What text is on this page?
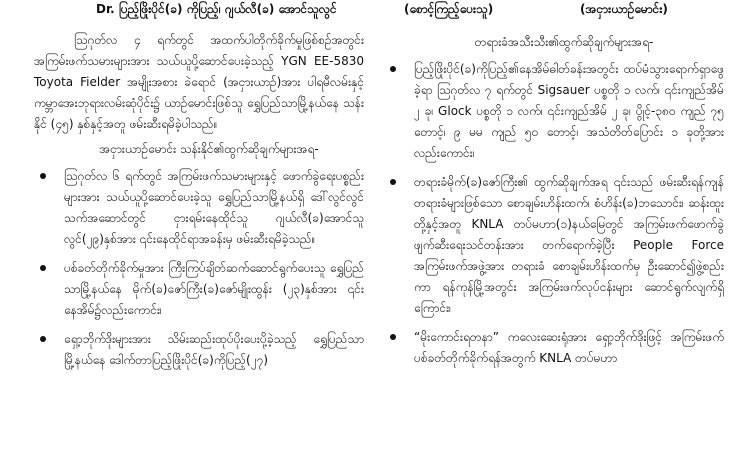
Dr. ပြည့်ဖြိုးပိုင်(ခ) ကိုပြည့်၊ ဂျယ်လီ(ခ) အောင်သူလွင်	(စောင့်ကြည့်ပေးသူ)	(အငှားယာဉ်မောင်း)

ဩဂုတ်လ ၄ ရက်တွင် အထက်ပါတိုက်ခိုက်မှုဖြစ်စဉ်အတွင်း အကြမ်းဖက်သမားများအား သယ်ယူပို့ဆောင်ပေးခဲ့သည့် YGN EE-5830 Toyota Fielder အမျိုးအစား ခဲရောင် (အငှားယာဉ်)အား ပါရမီလမ်းနှင့် ကမ္ဘာအေးဘုရားလမ်းဆုံပိုင်း၌ ယာဉ်မောင်းဖြစ်သူ ရွှေပြည်သာမြို့နယ်နေ သန်းနိုင် (၄၅) နှစ်နှင့်အတူ ဖမ်းဆီးရမိခဲ့ပါသည်။

အငှားယာဉ်မောင်း သန်းနိုင်၏ထွက်ဆိုချက်များအရ-

ဩဂုတ်လ ၆ ရက်တွင် အကြမ်းဖက်သမားများနှင့် ဖောက်ခွဲရေးပစ္စည်းများအား သယ်ယူပို့ဆောင်ပေးခဲ့သူ ရွှေပြည်သာမြို့နယ်ရှိ ဒေါ်လွင်လွင်သက်အဆောင်တွင် ငှားရမ်းနေထိုင်သူ ဂျယ်လီ(ခ)အောင်သူလွင်(၂၉)နှစ်အား ၎င်းနေထိုင်ရာအခန်းမှ ဖမ်းဆီးရမိခဲ့သည်။
ပစ်ခတ်တိုက်ခိုက်မှုအား ကြီးကြပ်ချိတ်ဆက်ဆောင်ရွက်ပေးသူ ရွှေပြည်သာမြို့နယ်နေ မိုက်(ခ)ဇော်ကြီး(ခ)ဇော်မျိုးထွန်း (၂၃)နှစ်အား ၎င်းနေအိမ်၌လည်းကောင်း၊
ရှော့ဘိုက်ဒိုးများအား သိမ်းဆည်းထုပ်ပိုးပေးပို့ခဲ့သည့် ရွှေပြည်သာမြို့နယ်နေ ဒေါက်တာပြည့်ဖြိုးပိုင်(ခ)ကိုပြည့်(၂၇)

တရားခံအသီးသီး၏ထွက်ဆိုချက်များအရ-

ပြည့်ဖြိုးပိုင်(ခ)ကိုပြည့်၏နေအိမ်ဓါတ်ခန်းအတွင်း ထပ်မံသွားရောက်ရှာဖွေခဲ့ရာ ဩဂုတ်လ ၇ ရက်တွင် Sigsauer ပစ္စတို ၁ လက်၊ ၎င်းကျည်အိမ် ၂ ခု၊ Glock ပစ္စတို ၁ လက်၊ ၎င်းကျည်အိမ် ၂ ခု၊ ပွိုင့်-၃၈၀ ကျည် ၇၅ တောင့်၊ ၉ မမ ကျည် ၅၀ တောင့်၊ အသံတိတ်ပြောင်း ၁ ခုတို့အားလည်းကောင်း၊
တရားခံမိုက်(ခ)ဇော်ကြီး၏ ထွက်ဆိုချက်အရ ၎င်းသည် ဖမ်းဆီးရန်ကျန် တရားခံများဖြစ်သော စောချမ်းဟိန်းထက်၊ စံဟိန်း(ခ)ဘသောင်း၊ ဆန်းထူးတို့နှင့်အတူ KNLA တပ်မဟာ(၁)နယ်မြေတွင် အကြမ်းဖက်ဖောက်ခွဲဖျက်ဆီးရေးသင်တန်းအား တက်ရောက်ခဲ့ပြီး People Force အကြမ်းဖက်အဖွဲ့အား တရားခံ စောချမ်းဟိန်းထက်မှ ဦးဆောင်၍ဖွဲ့စည်းကာ ရန်ကုန်မြို့အတွင်း အကြမ်းဖက်လုပ်ငန်းများ ဆောင်ရွက်လျက်ရှိကြောင်း၊
“မိုးကောင်းရတနာ” ကလေးဆေးရုံအား ရှော့ဘိုက်ဒိုးဖြင့် အကြမ်းဖက်ပစ်ခတ်တိုက်ခိုက်ရန်အတွက် KNLA တပ်မဟာ
